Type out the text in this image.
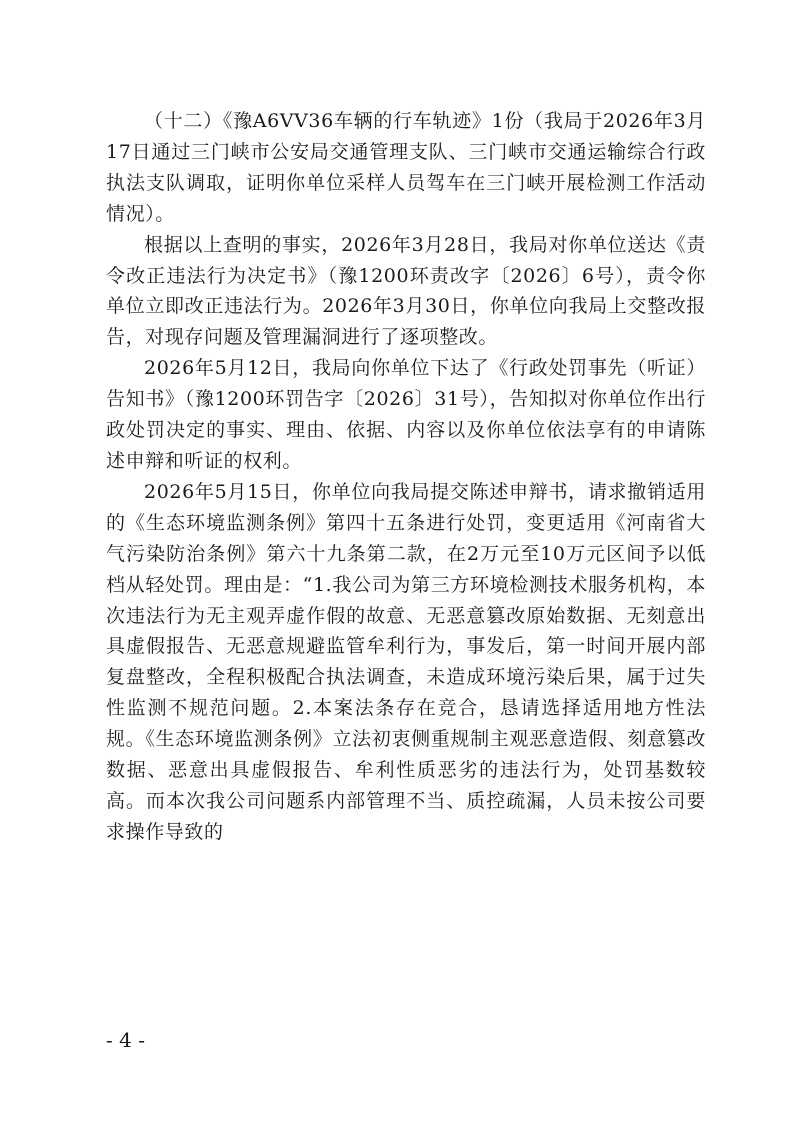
（十二）《豫A6VV36车辆的行车轨迹》1份（我局于2026年3月17日通过三门峡市公安局交通管理支队、三门峡市交通运输综合行政执法支队调取，证明你单位采样人员驾车在三门峡开展检测工作活动情况）。

根据以上查明的事实，2026年3月28日，我局对你单位送达《责令改正违法行为决定书》（豫1200环责改字〔2026〕6号），责令你单位立即改正违法行为。2026年3月30日，你单位向我局上交整改报告，对现存问题及管理漏洞进行了逐项整改。

2026年5月12日，我局向你单位下达了《行政处罚事先（听证）告知书》（豫1200环罚告字〔2026〕31号），告知拟对你单位作出行政处罚决定的事实、理由、依据、内容以及你单位依法享有的申请陈述申辩和听证的权利。

2026年5月15日，你单位向我局提交陈述申辩书，请求撤销适用的《生态环境监测条例》第四十五条进行处罚，变更适用《河南省大气污染防治条例》第六十九条第二款，在2万元至10万元区间予以低档从轻处罚。理由是：“1.我公司为第三方环境检测技术服务机构，本次违法行为无主观弄虚作假的故意、无恶意篡改原始数据、无刻意出具虚假报告、无恶意规避监管牟利行为，事发后，第一时间开展内部复盘整改，全程积极配合执法调查，未造成环境污染后果，属于过失性监测不规范问题。2.本案法条存在竞合，恳请选择适用地方性法规。《生态环境监测条例》立法初衷侧重规制主观恶意造假、刻意篡改数据、恶意出具虚假报告、牟利性质恶劣的违法行为，处罚基数较高。而本次我公司问题系内部管理不当、质控疏漏，人员未按公司要求操作导致的

- 4 -
